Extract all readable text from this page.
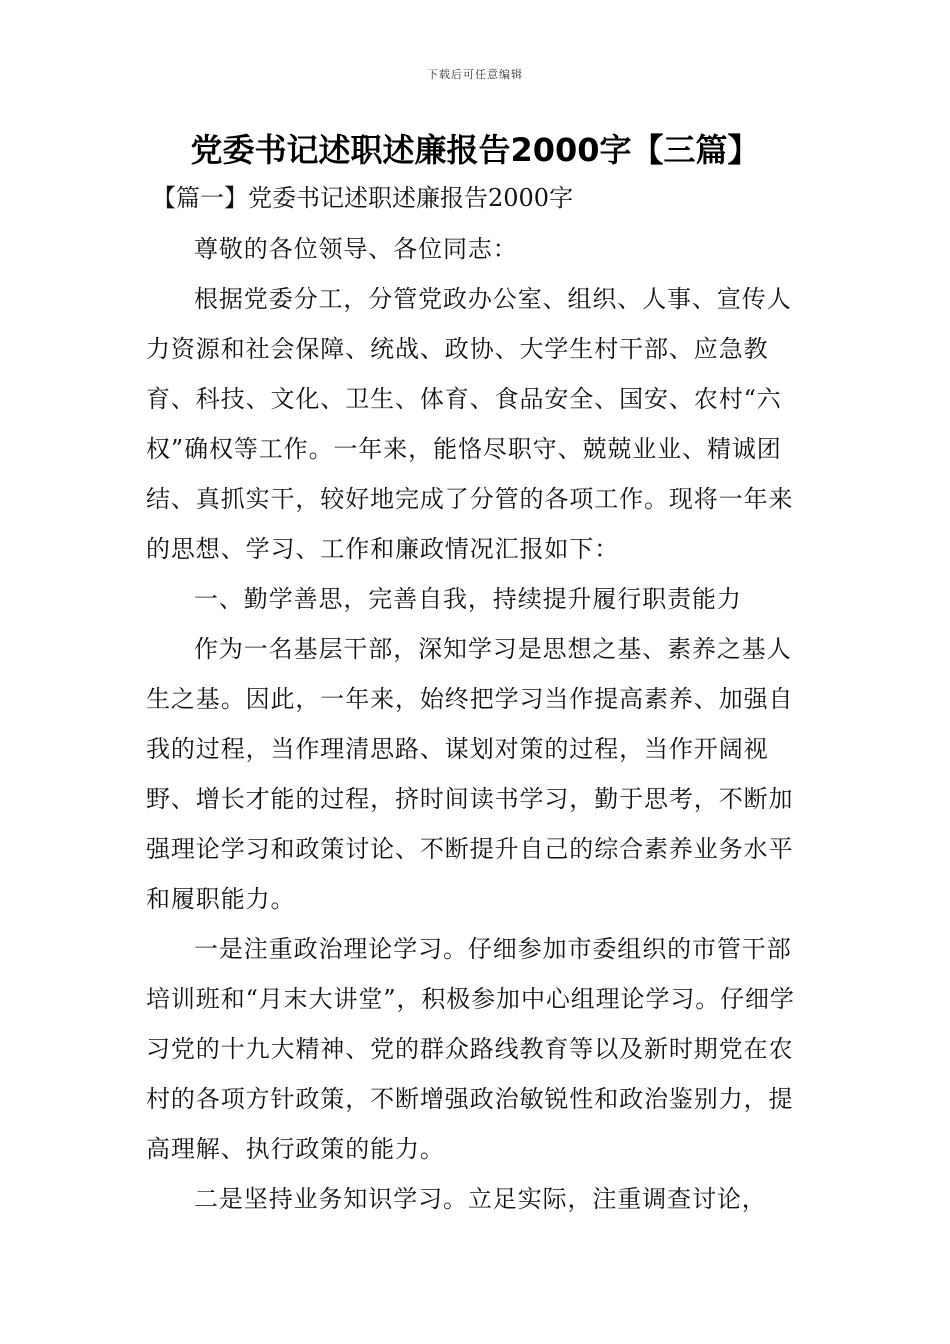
下载后可任意编辑
党委书记述职述廉报告2000字【三篇】
【篇一】党委书记述职述廉报告2000字

尊敬的各位领导、各位同志：

根据党委分工，分管党政办公室、组织、人事、宣传人力资源和社会保障、统战、政协、大学生村干部、应急教育、科技、文化、卫生、体育、食品安全、国安、农村“六权”确权等工作。一年来，能恪尽职守、兢兢业业、精诚团结、真抓实干，较好地完成了分管的各项工作。现将一年来的思想、学习、工作和廉政情况汇报如下：

一、勤学善思，完善自我，持续提升履行职责能力

作为一名基层干部，深知学习是思想之基、素养之基人生之基。因此，一年来，始终把学习当作提高素养、加强自我的过程，当作理清思路、谋划对策的过程，当作开阔视野、增长才能的过程，挤时间读书学习，勤于思考，不断加强理论学习和政策讨论、不断提升自己的综合素养业务水平和履职能力。

一是注重政治理论学习。仔细参加市委组织的市管干部培训班和“月末大讲堂”，积极参加中心组理论学习。仔细学习党的十九大精神、党的群众路线教育等以及新时期党在农村的各项方针政策，不断增强政治敏锐性和政治鉴别力，提高理解、执行政策的能力。

二是坚持业务知识学习。立足实际，注重调查讨论，
